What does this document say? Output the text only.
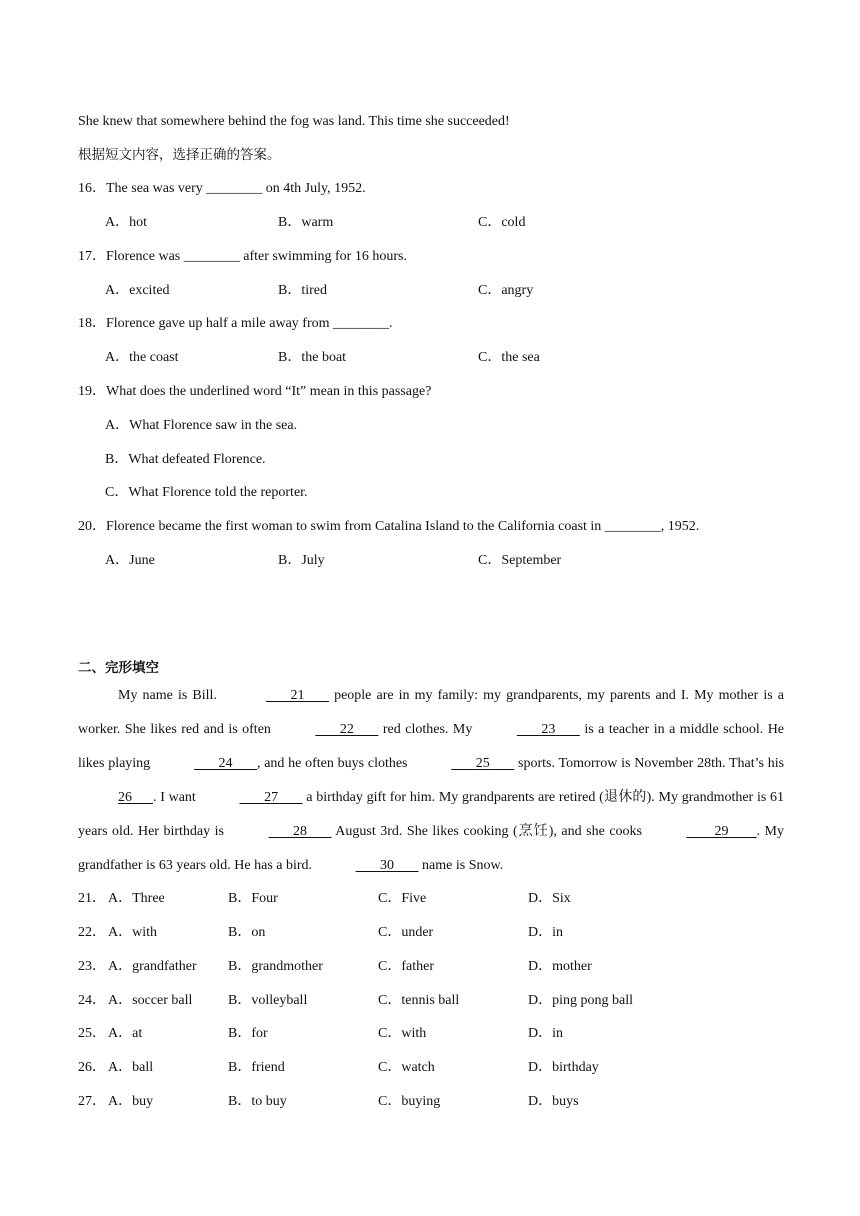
She knew that somewhere behind the fog was land. This time she succeeded!
根据短文内容，选择正确的答案。
16．The sea was very ________ on 4th July, 1952.
A．hot	B．warm	C．cold
17．Florence was ________ after swimming for 16 hours.
A．excited	B．tired	C．angry
18．Florence gave up half a mile away from ________.
A．the coast	B．the boat	C．the sea
19．What does the underlined word “It” mean in this passage?
A．What Florence saw in the sea.
B．What defeated Florence.
C．What Florence told the reporter.
20．Florence became the first woman to swim from Catalina Island to the California coast in ________, 1952.
A．June	B．July	C．September
二、完形填空

My name is Bill.	21 people are in my family: my grandparents, my parents and I. My mother is a worker. She likes red and is often	22 red clothes. My	23 is a teacher in a middle school. He likes playing	24 , and he often buys clothes	25 sports. Tomorrow is November 28th. That’s his 26 . I want	27 a birthday gift for him. My grandparents are retired (退休的). My grandmother is 61 years old. Her birthday is	28 August 3rd. She likes cooking (烹饪), and she cooks	29 . My grandfather is 63 years old. He has a bird.	30 name is Snow.

21． A．Three	B．Four	C．Five	D．Six
22． A．with	B．on	C．under	D．in
23． A．grandfather B．grandmother	C．father	D．mother
24． A．soccer ball	B．volleyball	C．tennis ball	D．ping pong ball
25． A．at	B．for	C．with	D．in
26． A．ball	B．friend	C．watch	D．birthday
27． A．buy	B．to buy	C．buying	D．buys
